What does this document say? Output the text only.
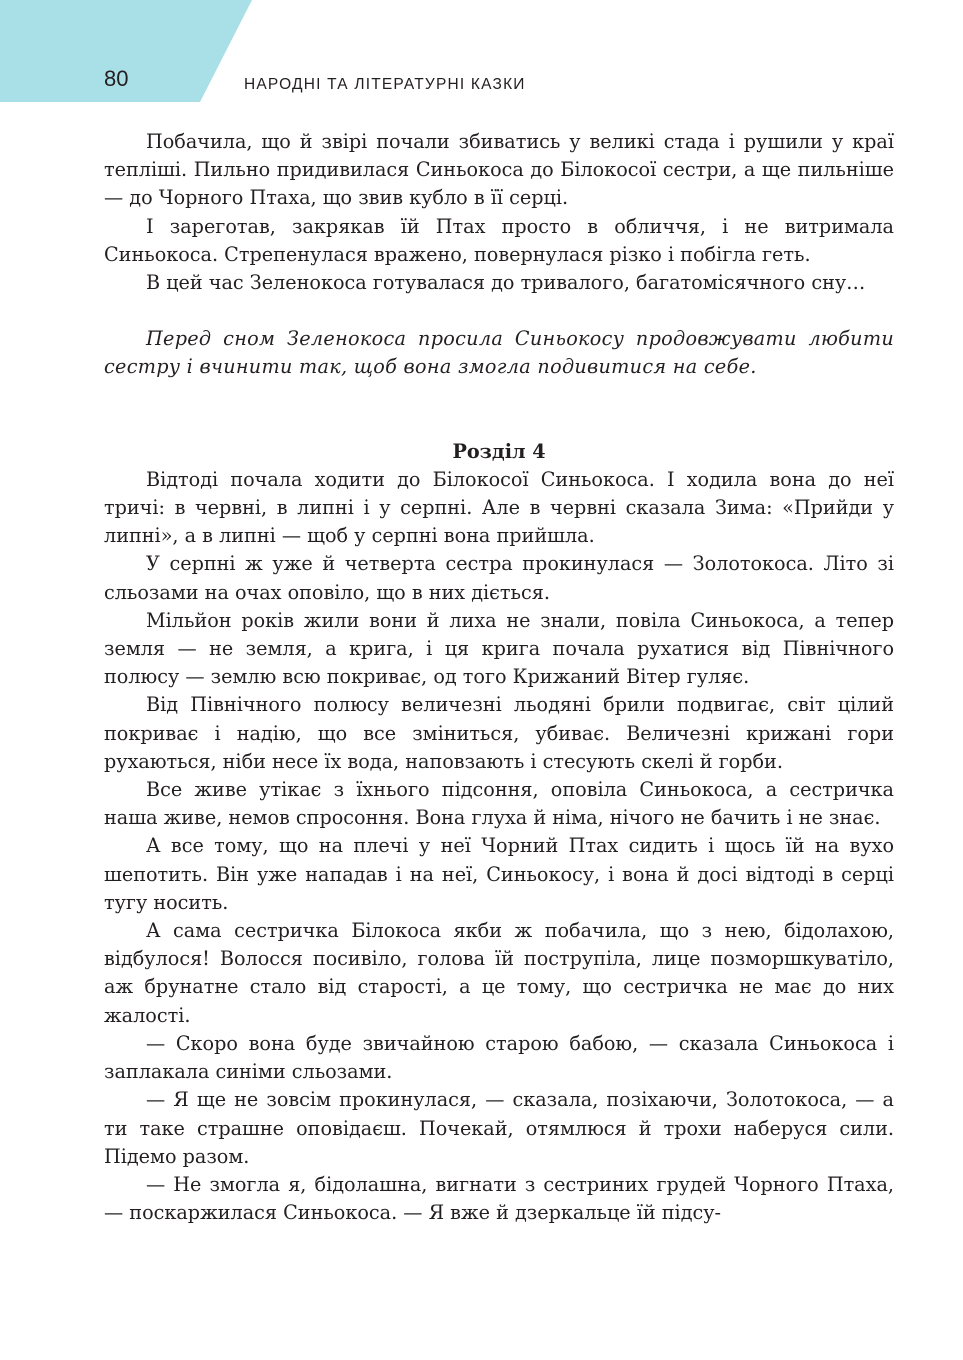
80	НАРОДНІ ТА ЛІТЕРАТУРНІ КАЗКИ

Побачила, що й звірі почали збиватись у великі стада і рушили у краї тепліші. Пильно придивилася Синьокоса до Білокосої сестри, а ще пильніше — до Чорного Птаха, що звив кубло в її серці.

І зареготав, закрякав їй Птах просто в обличчя, і не витримала Синьокоса. Стрепенулася вражено, повернулася різко і побігла геть.

В цей час Зеленокоса готувалася до тривалого, багатомісячного сну…

Перед сном Зеленокоса просила Синьокосу продовжувати любити сестру і вчинити так, щоб вона змогла подивитися на себе.

Розділ 4

Відтоді почала ходити до Білокосої Синьокоса. І ходила вона до неї тричі: в червні, в липні і у серпні. Але в червні сказала Зима: «Прийди у липні», а в липні — щоб у серпні вона прийшла.

У серпні ж уже й четверта сестра прокинулася — Золотокоса. Літо зі сльозами на очах оповіло, що в них діється.

Мільйон років жили вони й лиха не знали, повіла Синьокоса, а тепер земля — не земля, а крига, і ця крига почала рухатися від Північного полюсу — землю всю покриває, од того Крижаний Вітер гуляє.

Від Північного полюсу величезні льодяні брили подвигає, світ цілий покриває і надію, що все зміниться, убиває. Величезні крижані гори рухаються, ніби несе їх вода, наповзають і стесують скелі й горби.

Все живе утікає з їхнього підсоння, оповіла Синьокоса, а сестричка наша живе, немов спросоння. Вона глуха й німа, нічого не бачить і не знає.

А все тому, що на плечі у неї Чорний Птах сидить і щось їй на вухо шепотить. Він уже нападав і на неї, Синьокосу, і вона й досі відтоді в серці тугу носить.

А сама сестричка Білокоса якби ж побачила, що з нею, бідолахою, відбулося! Волосся посивіло, голова їй пострупіла, лице позморшкуватіло, аж брунатне стало від старості, а це тому, що сестричка не має до них жалості.

— Скоро вона буде звичайною старою бабою, — сказала Синьокоса і заплакала синіми сльозами.

— Я ще не зовсім прокинулася, — сказала, позіхаючи, Золотокоса, — а ти таке страшне оповідаєш. Почекай, отямлюся й трохи наберуся сили. Підемо разом.

— Не змогла я, бідолашна, вигнати з сестриних грудей Чорного Птаха, — поскаржилася Синьокоса. — Я вже й дзеркальце їй підсу-
